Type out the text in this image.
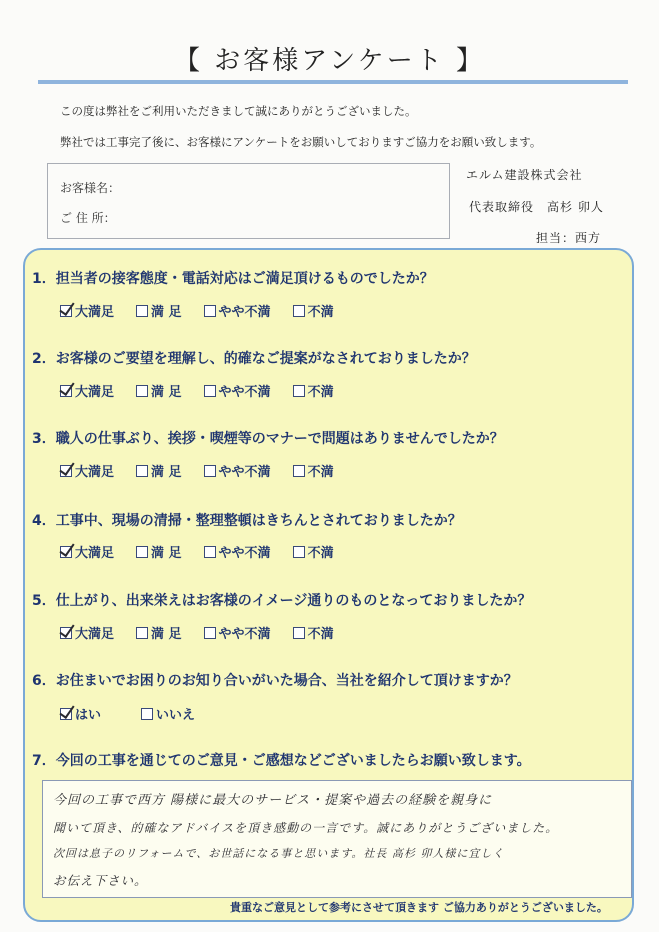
【 お客様アンケート 】
この度は弊社をご利用いただきまして誠にありがとうございました。
弊社では工事完了後に、お客様にアンケートをお願いしておりますご協力をお願い致します。
お客様名：
ご 住 所：
エルム建設株式会社
代表取締役　高杉 卯人
担当：西方
1．担当者の接客態度・電話対応はご満足頂けるものでしたか？
大満足	満 足	やや不満	不満
2．お客様のご要望を理解し、的確なご提案がなされておりましたか？
大満足	満 足	やや不満	不満
3．職人の仕事ぶり、挨拶・喫煙等のマナーで問題はありませんでしたか？
大満足	満 足	やや不満	不満
4．工事中、現場の清掃・整理整頓はきちんとされておりましたか？
大満足	満 足	やや不満	不満
5．仕上がり、出来栄えはお客様のイメージ通りのものとなっておりましたか？
大満足	満 足	やや不満	不満
6．お住まいでお困りのお知り合いがいた場合、当社を紹介して頂けますか？
はい	いいえ
7．今回の工事を通じてのご意見・ご感想などございましたらお願い致します。
今回の工事で西方 陽様に最大のサービス・提案や過去の経験を親身に
聞いて頂き、的確なアドバイスを頂き感動の一言です。誠にありがとうございました。
次回は息子のリフォームで、お世話になる事と思います。社長 高杉 卯人様に宜しく
お伝え下さい。
貴重なご意見として参考にさせて頂きます ご協力ありがとうございました。
